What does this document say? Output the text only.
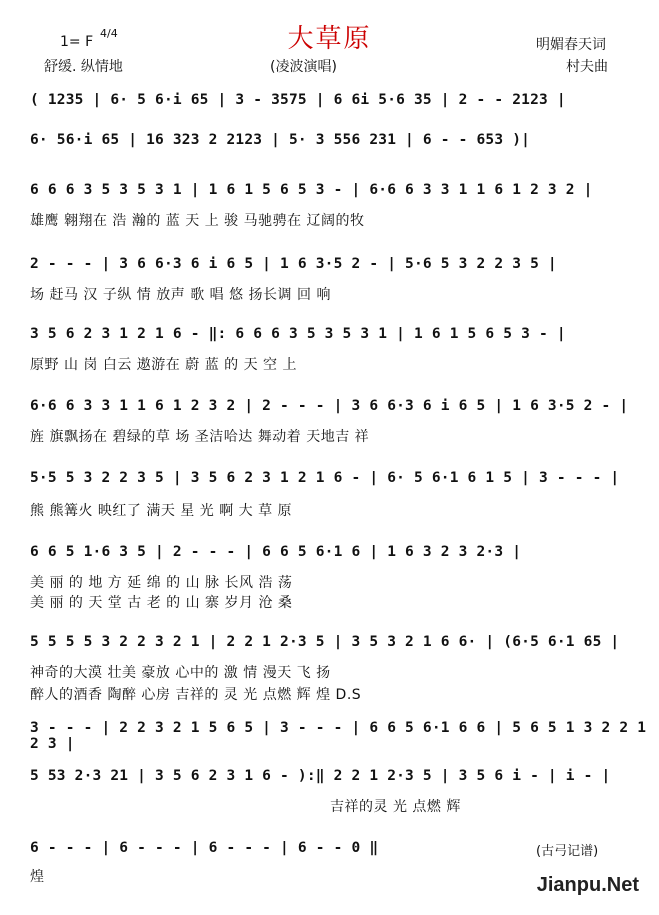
大草原
1= F
4/4
舒缓. 纵情地	(凌波演唱)
明媚春天词
村夫曲
( 1235 | 6· 5 6·i 65 | 3 - 3575 | 6 6i 5·6 35 | 2 - - 2123 |
6· 56·i 65 | 16 323 2 2123 | 5· 3 556 231 | 6 - - 653 )|
6 6 6 3 5 3 5 3 1 | 1 6 1 5 6 5 3 - | 6·6 6 3 3 1 1 6 1 2 3 2 |
雄鹰 翱翔在 浩 瀚的 蓝 天 上 骏 马驰骋在 辽阔的牧
2 - - - | 3 6 6·3 6 i 6 5 | 1 6 3·5 2 - | 5·6 5 3 2 2 3 5 |
场 赶马 汉 子纵 情 放声 歌 唱 悠 扬长调 回 响
3 5 6 2 3 1 2 1 6 - ‖: 6 6 6 3 5 3 5 3 1 | 1 6 1 5 6 5 3 - |
原野 山 岗 白云 遨游在 蔚 蓝 的 天 空 上
6·6 6 3 3 1 1 6 1 2 3 2 | 2 - - - | 3 6 6·3 6 i 6 5 | 1 6 3·5 2 - |
旌 旗飘扬在 碧绿的草 场 圣洁哈达 舞动着 天地吉 祥
5·5 5 3 2 2 3 5 | 3 5 6 2 3 1 2 1 6 - | 6· 5 6·1 6 1 5 | 3 - - - |
熊 熊篝火 映红了 满天 星 光 啊 大 草 原
6 6 5 1·6 3 5 | 2 - - - | 6 6 5 6·1 6 | 1 6 3 2 3 2·3 |
美 丽 的 地 方 延 绵 的 山 脉 长风 浩 荡
美 丽 的 天 堂 古 老 的 山 寨 岁月 沧 桑
5 5 5 5 3 2 2 3 2 1 | 2 2 1 2·3 5 | 3 5 3 2 1 6 6· | (6·5 6·1 65 |
神奇的大漠 壮美 豪放 心中的 激 情 漫天 飞 扬
醉人的酒香 陶醉 心房 吉祥的 灵 光 点燃 辉 煌 D.S
3 - - - | 2 2 3 2 1 5 6 5 | 3 - - - | 6 6 5 6·1 6 6 | 5 6 5 1 3 2 2 1 2 3 |
5 53 2·3 21 | 3 5 6 2 3 1 6 - ):‖ 2 2 1 2·3 5 | 3 5 6 i - | i - |
吉祥的灵 光 点燃 辉
6 - - - | 6 - - - | 6 - - - | 6 - - 0 ‖
煌
(古弓记谱)
Jianpu.Net
